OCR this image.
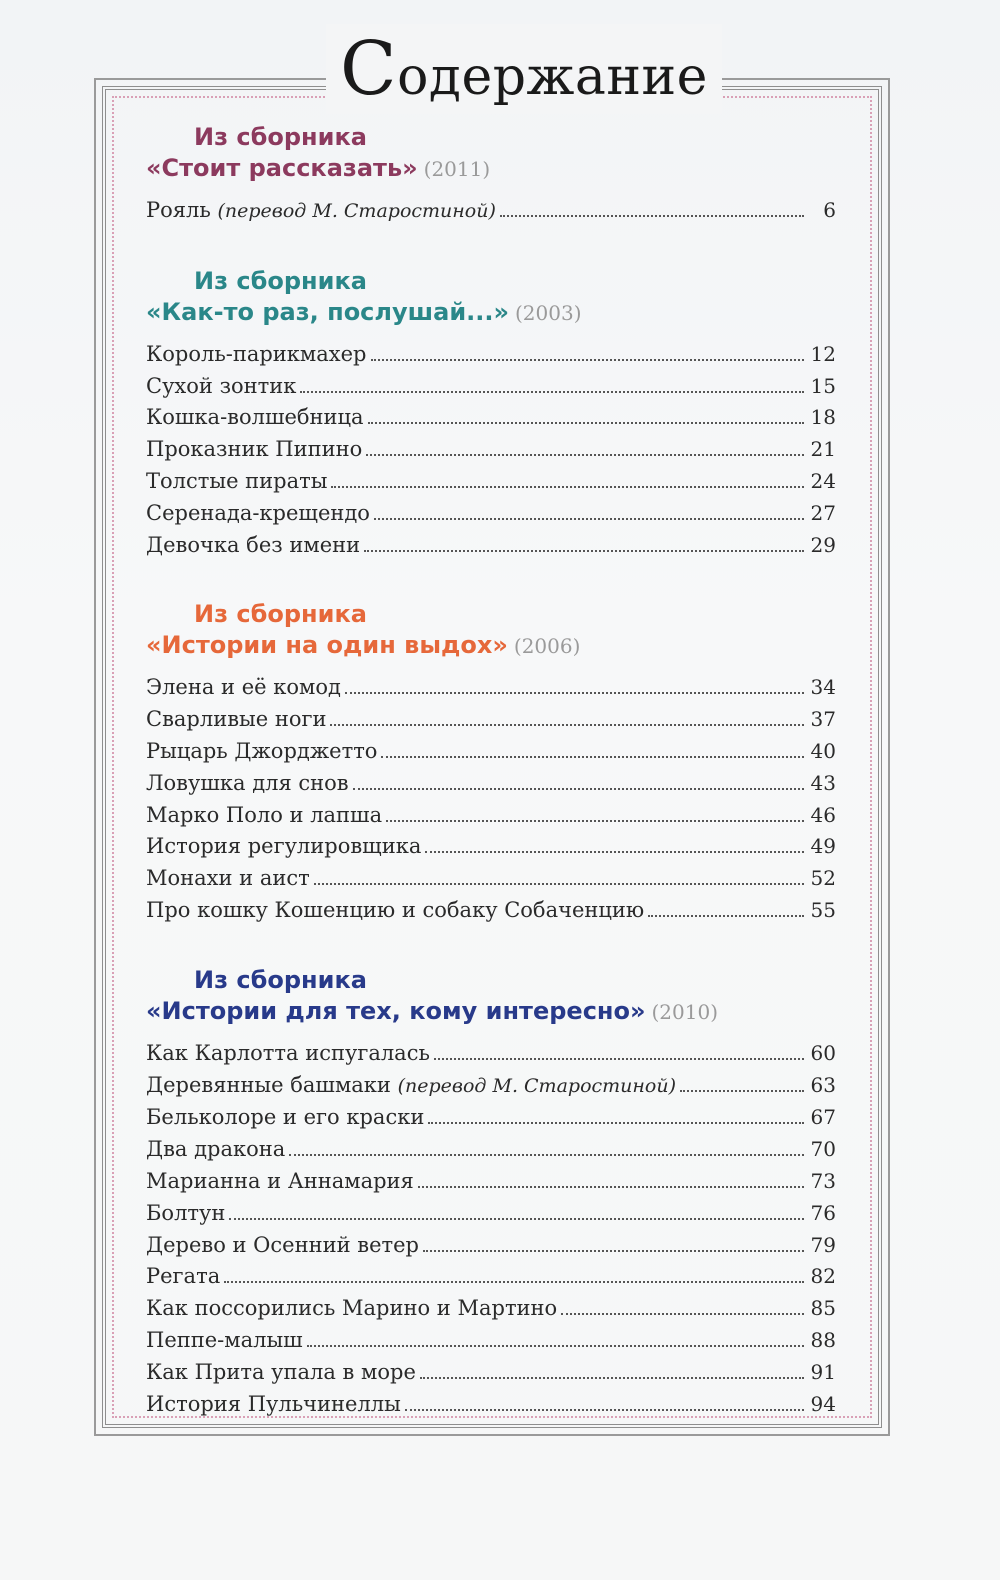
Содержание
Из сборника
«Стоит рассказать» (2011)
Рояль (перевод М. Старостиной)	6
Из сборника
«Как-то раз, послушай...» (2003)
Король-парикмахер	12
Сухой зонтик	15
Кошка-волшебница	18
Проказник Пипино	21
Толстые пираты	24
Серенада-крещендо	27
Девочка без имени	29
Из сборника
«Истории на один выдох» (2006)
Элена и её комод	34
Сварливые ноги	37
Рыцарь Джорджетто	40
Ловушка для снов	43
Марко Поло и лапша	46
История регулировщика	49
Монахи и аист	52
Про кошку Кошенцию и собаку Собаченцию	55
Из сборника
«Истории для тех, кому интересно» (2010)
Как Карлотта испугалась	60
Деревянные башмаки (перевод М. Старостиной)	63
Бельколоре и его краски	67
Два дракона	70
Марианна и Аннамария	73
Болтун	76
Дерево и Осенний ветер	79
Регата	82
Как поссорились Марино и Мартино	85
Пеппе-малыш	88
Как Прита упала в море	91
История Пульчинеллы	94
